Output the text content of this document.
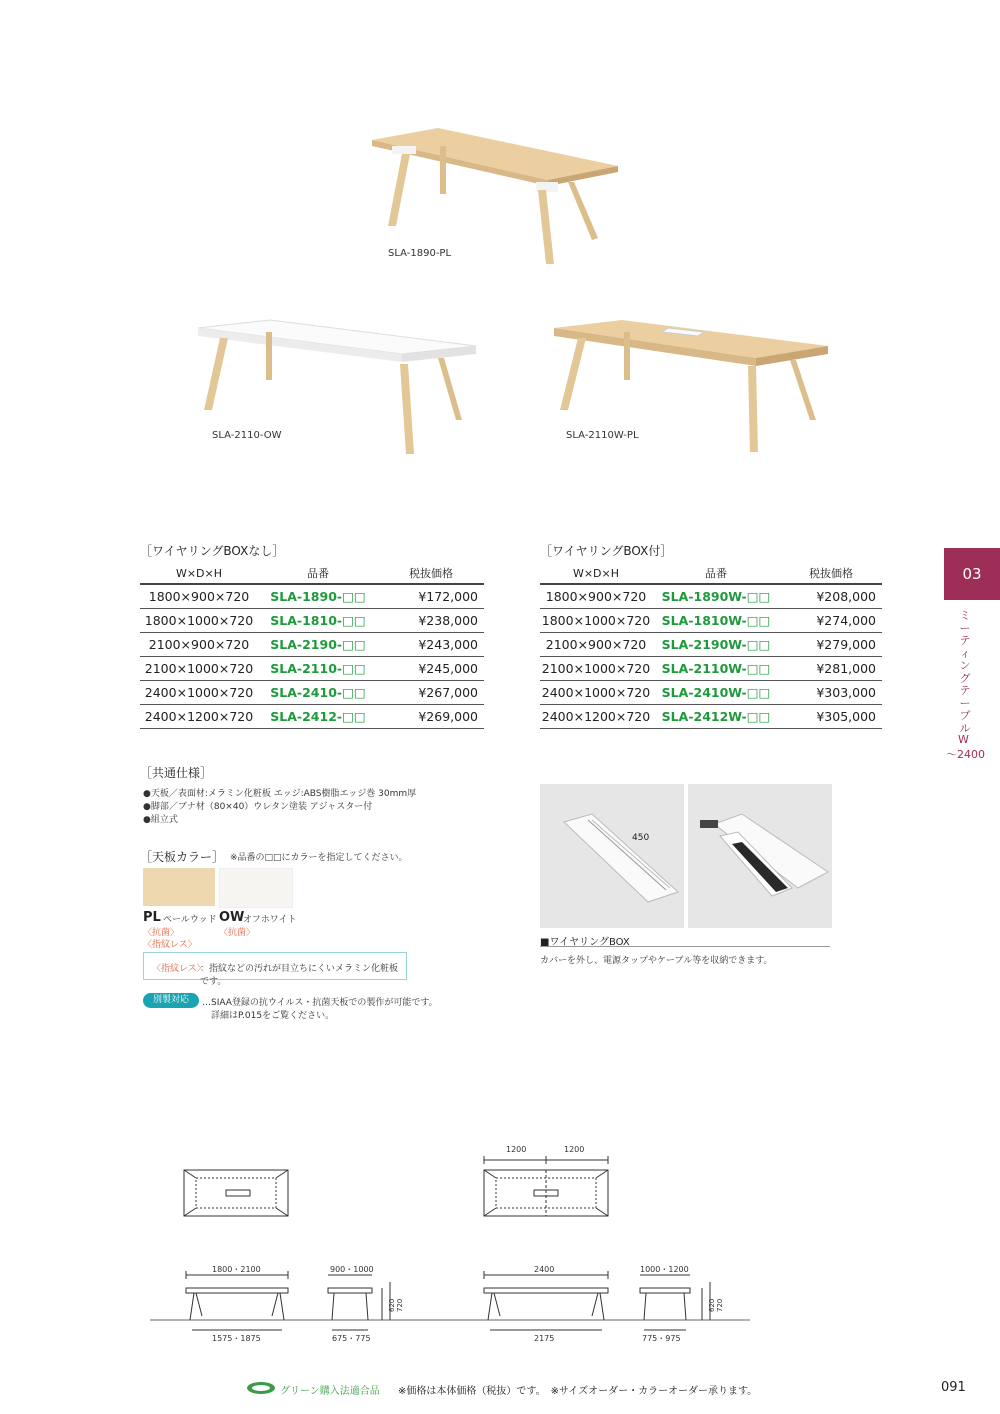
SLA-1890-PL
SLA-2110-OW	SLA-2110W-PL
［ワイヤリングBOXなし］
W×D×H	品番	税抜価格
1800×900×720	SLA-1890-□□	¥172,000
1800×1000×720	SLA-1810-□□	¥238,000
2100×900×720	SLA-2190-□□	¥243,000
2100×1000×720	SLA-2110-□□	¥245,000
2400×1000×720	SLA-2410-□□	¥267,000
2400×1200×720	SLA-2412-□□	¥269,000
［ワイヤリングBOX付］
W×D×H	品番	税抜価格
1800×900×720	SLA-1890W-□□	¥208,000
1800×1000×720	SLA-1810W-□□	¥274,000
2100×900×720	SLA-2190W-□□	¥279,000
2100×1000×720	SLA-2110W-□□	¥281,000
2400×1000×720	SLA-2410W-□□	¥303,000
2400×1200×720	SLA-2412W-□□	¥305,000
03
ミーティングテーブル
W
～2400
［共通仕様］
●天板／表面材:メラミン化粧板 エッジ:ABS樹脂エッジ巻 30mm厚
●脚部／ブナ材（80×40）ウレタン塗装 アジャスター付
●組立式
［天板カラー］ ※品番の□□にカラーを指定してください。
PL ペールウッド
〈抗菌〉
〈指紋レス〉
OW
オフホワイト
〈抗菌〉
〈指紋レス〉
：指紋などの汚れが目立ちにくいメラミン化粧板です。
別製対応	…SIAA登録の抗ウイルス・抗菌天板での製作が可能です。
詳細はP.015をご覧ください。
450
■ワイヤリングBOX
カバーを外し、電源タップやケーブル等を収納できます。
1200	1200
1800・2100	900・1000
1575・1875	675・775
2400	1000・1200
2175	775・975
620 720	620 720
グリーン購入法適合品 ※価格は本体価格（税抜）です。　※サイズオーダー・カラーオーダー承ります。	091
